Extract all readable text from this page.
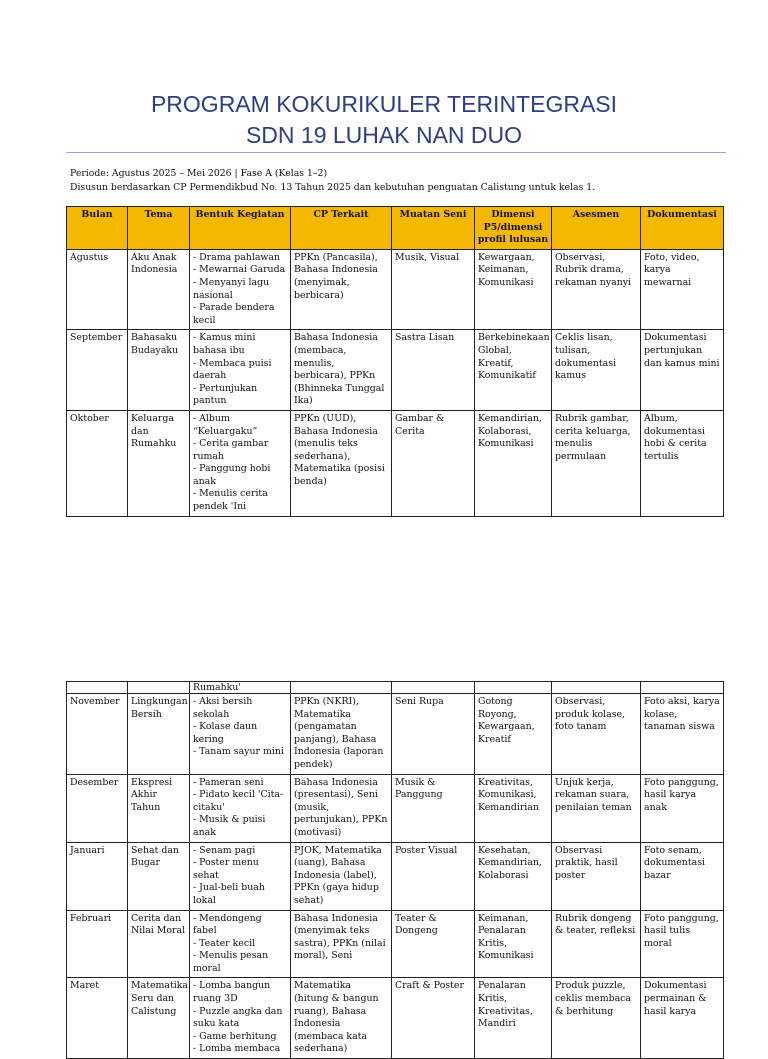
PROGRAM KOKURIKULER TERINTEGRASI
SDN 19 LUHAK NAN DUO
Periode: Agustus 2025 – Mei 2026 | Fase A (Kelas 1–2)
Disusun berdasarkan CP Permendikbud No. 13 Tahun 2025 dan kebutuhan penguatan Calistung untuk kelas 1.
Bulan	Tema	Bentuk Kegiatan	CP Terkait	Muatan Seni	Dimensi P5/dimensi profil lulusan	Asesmen	Dokumentasi
Agustus	Aku Anak Indonesia	- Drama pahlawan
- Mewarnai Garuda
- Menyanyi lagu nasional
- Parade bendera kecil	PPKn (Pancasila), Bahasa Indonesia (menyimak, berbicara)	Musik, Visual	Kewargaan, Keimanan, Komunikasi	Observasi, Rubrik drama, rekaman nyanyi	Foto, video, karya mewarnai
September	Bahasaku Budayaku	- Kamus mini bahasa ibu
- Membaca puisi daerah
- Pertunjukan pantun	Bahasa Indonesia (membaca, menulis, berbicara), PPKn (Bhinneka Tunggal Ika)	Sastra Lisan	Berkebinekaan Global, Kreatif, Komunikatif	Ceklis lisan, tulisan, dokumentasi kamus	Dokumentasi pertunjukan dan kamus mini
Oktober	Keluarga dan Rumahku	- Album “Keluargaku”
- Cerita gambar rumah
- Panggung hobi anak
- Menulis cerita pendek 'Ini	PPKn (UUD), Bahasa Indonesia (menulis teks sederhana), Matematika (posisi benda)	Gambar & Cerita	Kemandirian, Kolaborasi, Komunikasi	Rubrik gambar, cerita keluarga, menulis permulaan	Album, dokumentasi hobi & cerita tertulis
		Rumahku'					
November	Lingkungan Bersih	- Aksi bersih sekolah
- Kolase daun kering
- Tanam sayur mini	PPKn (NKRI), Matematika (pengamatan panjang), Bahasa Indonesia (laporan pendek)	Seni Rupa	Gotong Royong, Kewargaan, Kreatif	Observasi, produk kolase, foto tanam	Foto aksi, karya kolase, tanaman siswa
Desember	Ekspresi Akhir Tahun	- Pameran seni
- Pidato kecil 'Cita-citaku'
- Musik & puisi anak	Bahasa Indonesia (presentasi), Seni (musik, pertunjukan), PPKn (motivasi)	Musik & Panggung	Kreativitas, Komunikasi, Kemandirian	Unjuk kerja, rekaman suara, penilaian teman	Foto panggung, hasil karya anak
Januari	Sehat dan Bugar	- Senam pagi
- Poster menu sehat
- Jual-beli buah lokal	PJOK, Matematika (uang), Bahasa Indonesia (label), PPKn (gaya hidup sehat)	Poster Visual	Kesehatan, Kemandirian, Kolaborasi	Observasi praktik, hasil poster	Foto senam, dokumentasi bazar
Februari	Cerita dan Nilai Moral	- Mendongeng fabel
- Teater kecil
- Menulis pesan moral	Bahasa Indonesia (menyimak teks sastra), PPKn (nilai moral), Seni	Teater & Dongeng	Keimanan, Penalaran Kritis, Komunikasi	Rubrik dongeng & teater, refleksi	Foto panggung, hasil tulis moral
Maret	Matematika Seru dan Calistung	- Lomba bangun ruang 3D
- Puzzle angka dan suku kata
- Game berhitung
- Lomba membaca	Matematika (hitung & bangun ruang), Bahasa Indonesia (membaca kata sederhana)	Craft & Poster	Penalaran Kritis, Kreativitas, Mandiri	Produk puzzle, ceklis membaca & berhitung	Dokumentasi permainan & hasil karya
